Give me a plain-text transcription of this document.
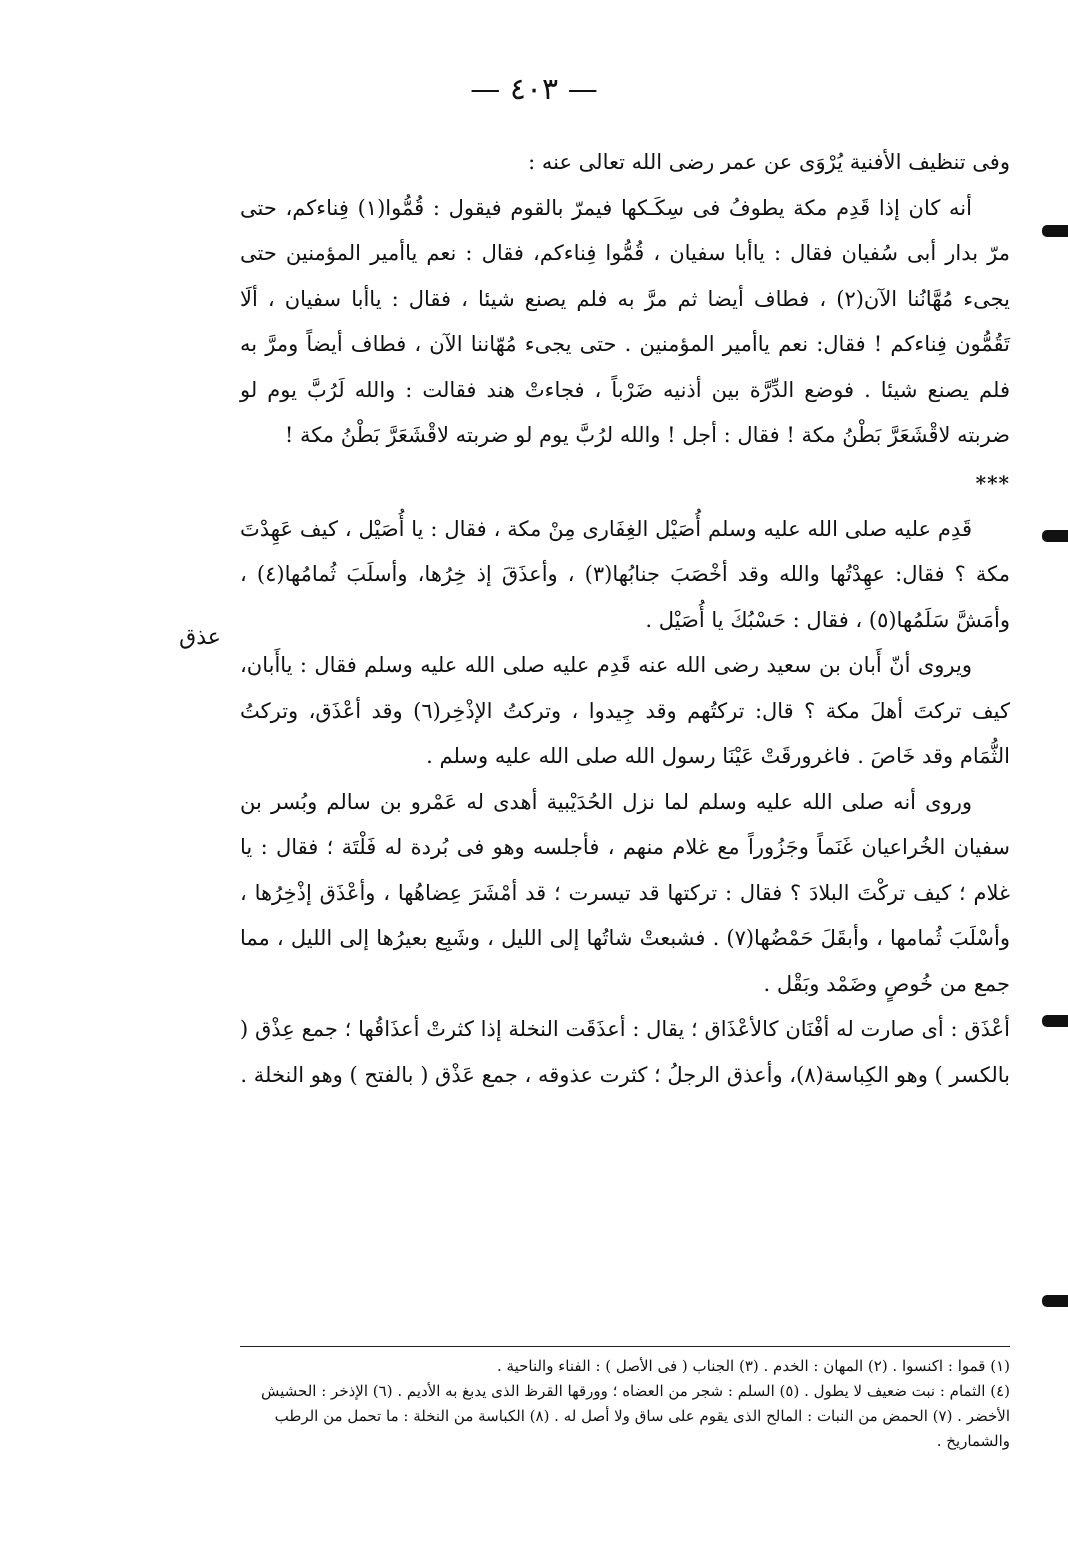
— ٤٠٣ —
عذق

وفى تنظيف الأفنية يُرْوَى عن عمر رضى الله تعالى عنه :

أنه كان إذا قَدِم مكة يطوفُ فى سِكَـكها فيمرّ بالقوم فيقول : قُمُّوا(١) فِناءكم، حتى مرّ بدار أبى سُفيان فقال : ياأبا سفيان ، قُمُّوا فِناءكم، فقال : نعم ياأمير المؤمنين حتى يجىء مُهَّانُنا الآن(٢) ، فطاف أيضا ثم مرَّ به فلم يصنع شيئا ، فقال : ياأبا سفيان ، ألَا تَقُمُّون فِناءكم ! فقال: نعم ياأمير المؤمنين . حتى يجىء مُهّاننا الآن ، فطاف أيضاً ومرَّ به فلم يصنع شيئا . فوضع الدِّرَّة بين أذنيه ضَرْباً ، فجاءتْ هند فقالت : والله لَرُبَّ يوم لو ضربته لاقْشَعَرَّ بَطْنُ مكة ! فقال : أجل ! والله لرُبَّ يوم لو ضربته لاقْشَعَرَّ بَطْنُ مكة !

***

قَدِم عليه صلى الله عليه وسلم أُصَيْل الغِفَارى مِنْ مكة ، فقال : يا أُصَيْل ، كيف عَهِدْتَ مكة ؟ فقال: عهِدْتُها والله وقد أخْصَبَ جنابُها(٣) ، وأعذَقَ إذ خِرُها، وأسلَبَ ثُمامُها(٤) ، وأمَشَّ سَلَمُها(٥) ، فقال : حَسْبُكَ يا أُصَيْل .

ويروى أنّ أَبان بن سعيد رضى الله عنه قَدِم عليه صلى الله عليه وسلم فقال : ياأَبان، كيف تركتَ أهلَ مكة ؟ قال: تركتُهم وقد جِيدوا ، وتركتُ الإذْخِر(٦) وقد أعْذَق، وتركتُ الثُّمَام وقد خَاصَ . فاغرورقَتْ عَيْنَا رسول الله صلى الله عليه وسلم .

وروى أنه صلى الله عليه وسلم لما نزل الحُدَيْبية أهدى له عَمْرو بن سالم وبُسر بن سفيان الخُراعيان غَنَماً وجَزُوراً مع غلام منهم ، فأجلسه وهو فى بُردة له فَلْتَة ؛ فقال : يا غلام ؛ كيف تركْتَ البلادَ ؟ فقال : تركتها قد تيسرت ؛ قد أمْشَرَ عِضاهُها ، وأعْذَق إذْخِرُها ، وأسْلَبَ ثُمامها ، وأبقَلَ حَمْضُها(٧) . فشبعتْ شاتُها إلى الليل ، وشَبِع بعيرُها إلى الليل ، مما جمع من خُوصٍ وضَمْد وبَقْل .

أعْذَق : أى صارت له أفْنَان كالأعْذَاق ؛ يقال : أعذَقَت النخلة إذا كثرتْ أعذَاقُها ؛ جمع عِذْق ( بالكسر ) وهو الكِباسة(٨)، وأعذق الرجلُ ؛ كثرت عذوقه ، جمع عَذْق ( بالفتح ) وهو النخلة .

(١) قموا : اكنسوا . (٢) المهان : الخدم . (٣) الجناب ( فى الأصل ) : الفناء والناحية .

(٤) الثمام : نبت ضعيف لا يطول . (٥) السلم : شجر من العضاه ؛ وورقها القرظ الذى يدبغ به الأديم . (٦) الإذخر : الحشيش الأخضر . (٧) الحمض من النبات : المالح الذى يقوم على ساق ولا أصل له . (٨) الكباسة من النخلة : ما تحمل من الرطب والشماريخ .
